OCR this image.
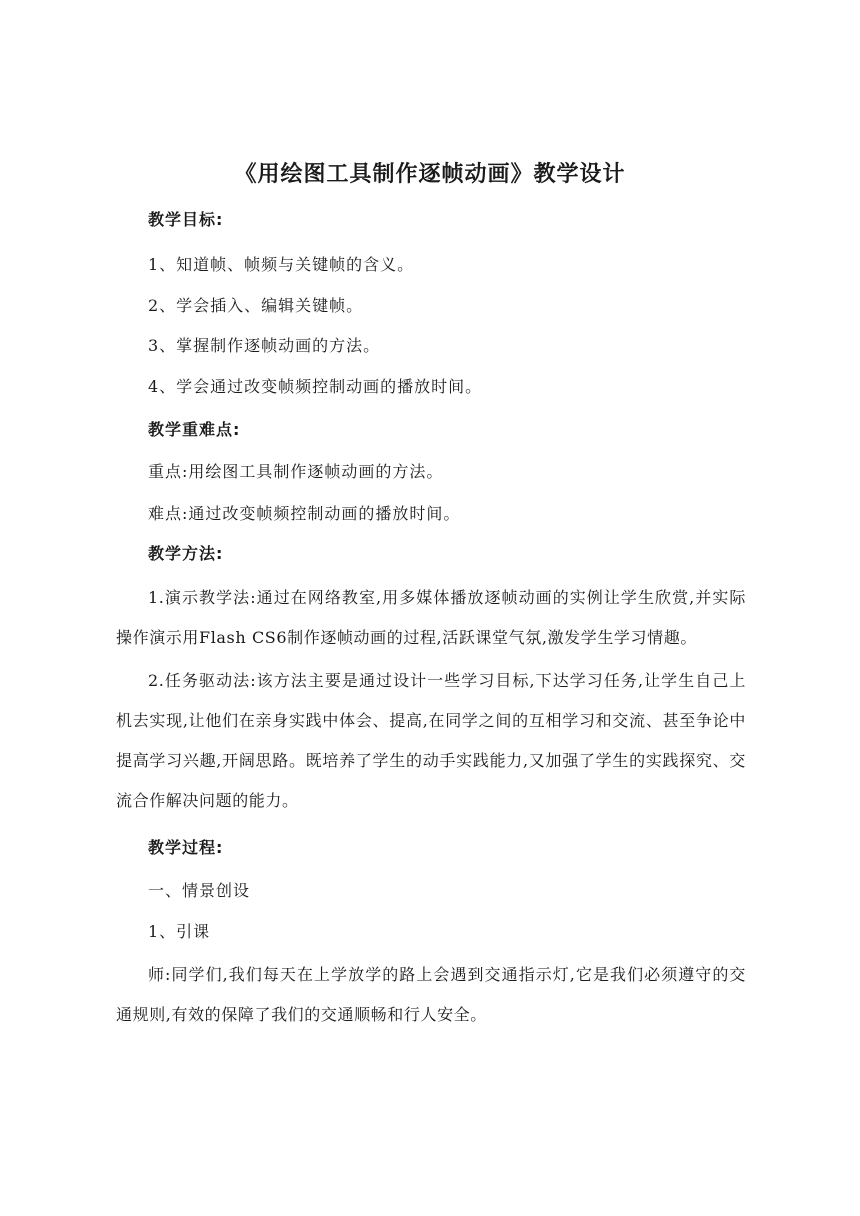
《用绘图工具制作逐帧动画》教学设计
教学目标:
1、知道帧、帧频与关键帧的含义。
2、学会插入、编辑关键帧。
3、掌握制作逐帧动画的方法。
4、学会通过改变帧频控制动画的播放时间。
教学重难点:
重点:用绘图工具制作逐帧动画的方法。
难点:通过改变帧频控制动画的播放时间。
教学方法:
1.演示教学法:通过在网络教室,用多媒体播放逐帧动画的实例让学生欣赏,并实际操作演示用Flash CS6制作逐帧动画的过程,活跃课堂气氛,激发学生学习情趣。
2.任务驱动法:该方法主要是通过设计一些学习目标,下达学习任务,让学生自己上机去实现,让他们在亲身实践中体会、提高,在同学之间的互相学习和交流、甚至争论中提高学习兴趣,开阔思路。既培养了学生的动手实践能力,又加强了学生的实践探究、交流合作解决问题的能力。
教学过程:
一、情景创设
1、引课
师:同学们,我们每天在上学放学的路上会遇到交通指示灯,它是我们必须遵守的交通规则,有效的保障了我们的交通顺畅和行人安全。
